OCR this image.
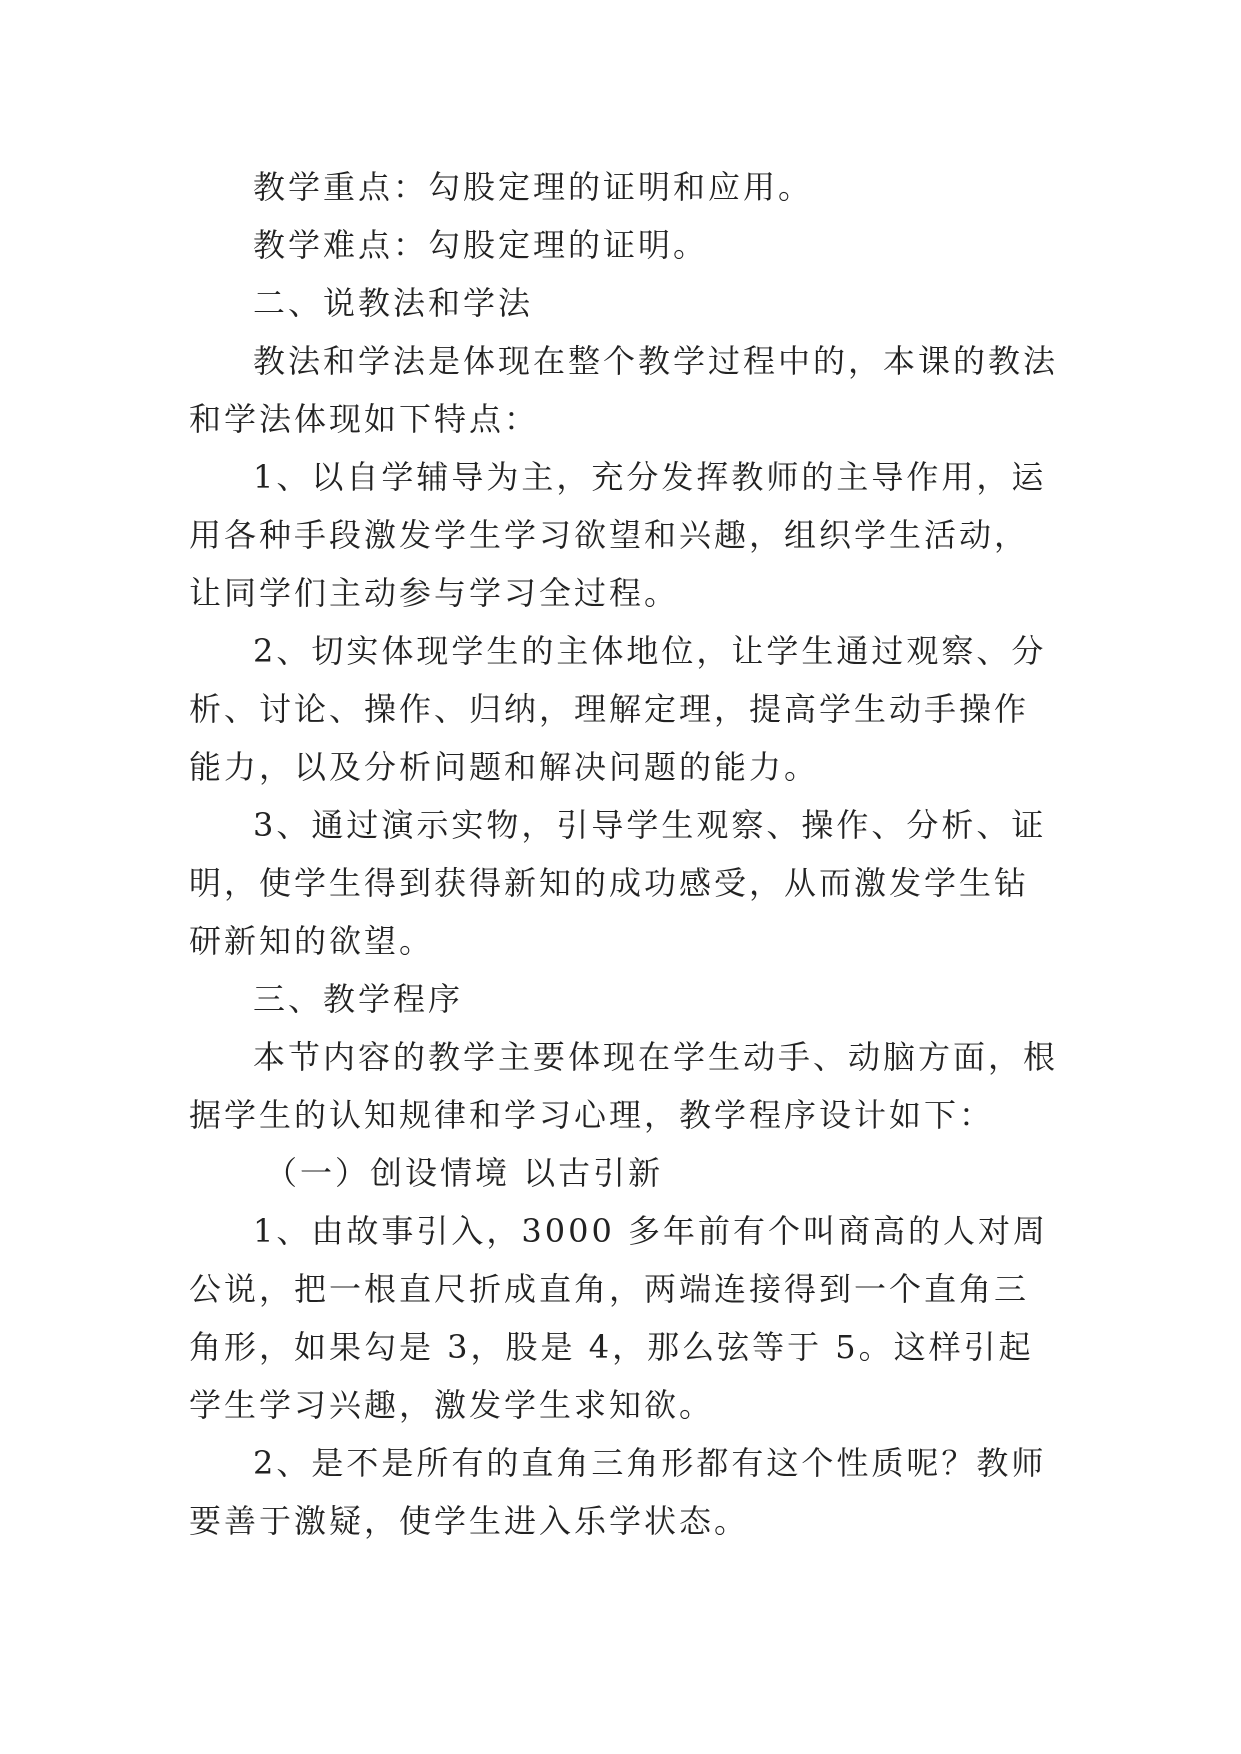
教学重点：勾股定理的证明和应用。

教学难点：勾股定理的证明。

二、说教法和学法

教法和学法是体现在整个教学过程中的，本课的教法和学法体现如下特点：

1、以自学辅导为主，充分发挥教师的主导作用，运用各种手段激发学生学习欲望和兴趣，组织学生活动，让同学们主动参与学习全过程。

2、切实体现学生的主体地位，让学生通过观察、分析、讨论、操作、归纳，理解定理，提高学生动手操作能力，以及分析问题和解决问题的能力。

3、通过演示实物，引导学生观察、操作、分析、证明，使学生得到获得新知的成功感受，从而激发学生钻研新知的欲望。

三、教学程序

本节内容的教学主要体现在学生动手、动脑方面，根据学生的认知规律和学习心理，教学程序设计如下：

（一）创设情境 以古引新

1、由故事引入，3000 多年前有个叫商高的人对周公说，把一根直尺折成直角，两端连接得到一个直角三角形，如果勾是 3，股是 4，那么弦等于 5。这样引起学生学习兴趣，激发学生求知欲。

2、是不是所有的直角三角形都有这个性质呢？教师要善于激疑，使学生进入乐学状态。
